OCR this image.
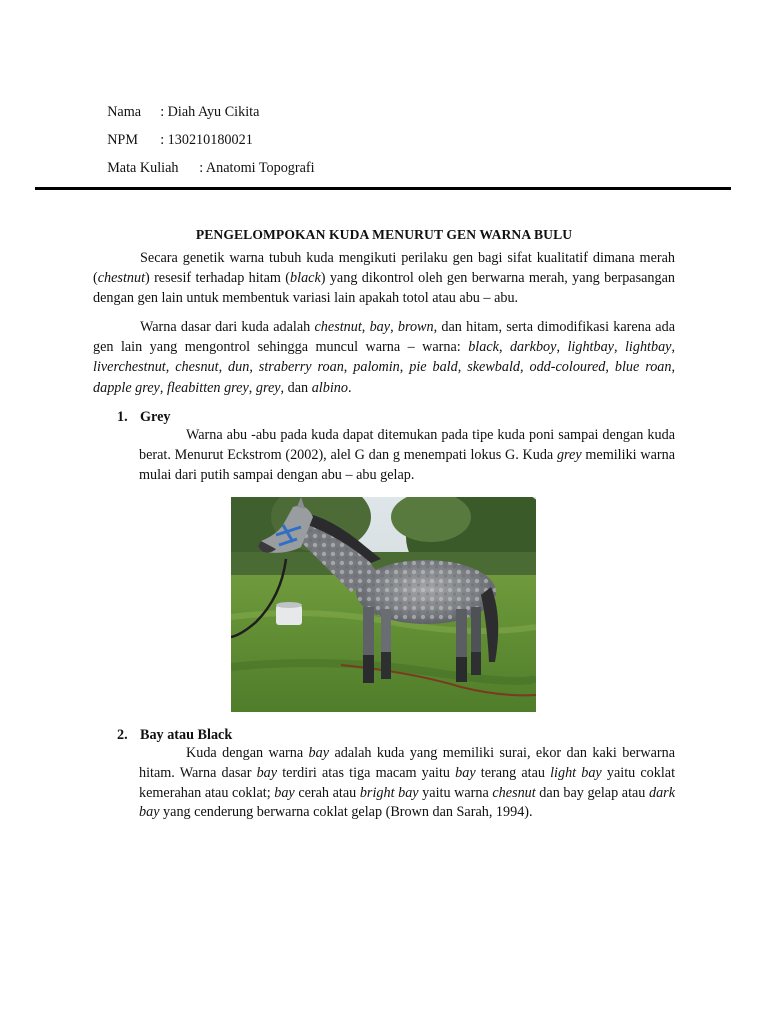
Nama : Diah Ayu Cikita

NPM : 130210180021

Mata Kuliah : Anatomi Topografi

PENGELOMPOKAN KUDA MENURUT GEN WARNA BULU

Secara genetik warna tubuh kuda mengikuti perilaku gen bagi sifat kualitatif dimana merah (chestnut) resesif terhadap hitam (black) yang dikontrol oleh gen berwarna merah, yang berpasangan dengan gen lain untuk membentuk variasi lain apakah totol atau abu – abu.

Warna dasar dari kuda adalah chestnut, bay, brown, dan hitam, serta dimodifikasi karena ada gen lain yang mengontrol sehingga muncul warna – warna: black, darkboy, lightbay, lightbay, liverchestnut, chesnut, dun, straberry roan, palomin, pie bald, skewbald, odd-coloured, blue roan, dapple grey, fleabitten grey, grey, dan albino.

1. Grey

Warna abu -abu pada kuda dapat ditemukan pada tipe kuda poni sampai dengan kuda berat. Menurut Eckstrom (2002), alel G dan g menempati lokus G. Kuda grey memiliki warna mulai dari putih sampai dengan abu – abu gelap.

2. Bay atau Black

Kuda dengan warna bay adalah kuda yang memiliki surai, ekor dan kaki berwarna hitam. Warna dasar bay terdiri atas tiga macam yaitu bay terang atau light bay yaitu coklat kemerahan atau coklat; bay cerah atau bright bay yaitu warna chesnut dan bay gelap atau dark bay yang cenderung berwarna coklat gelap (Brown dan Sarah, 1994).
